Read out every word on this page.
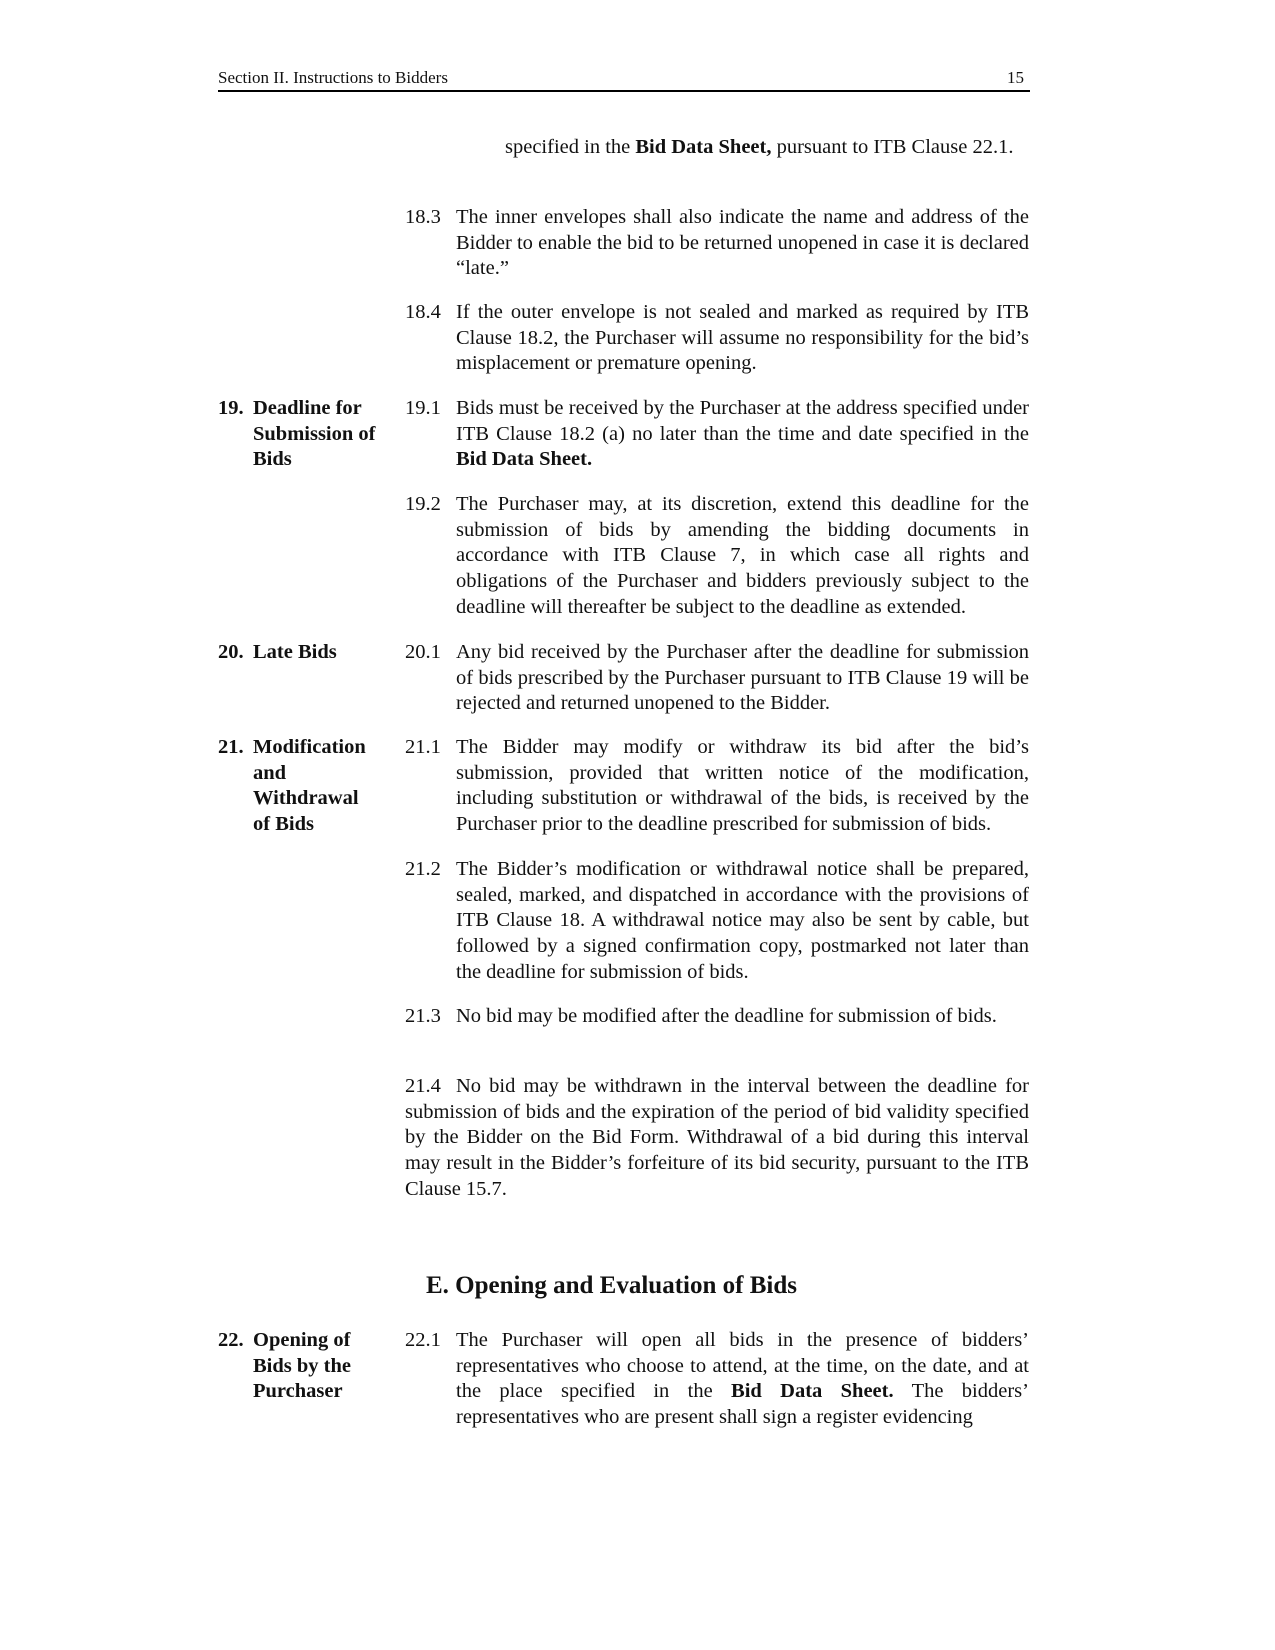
Section II. Instructions to Bidders	15
specified in the Bid Data Sheet, pursuant to ITB Clause 22.1.
18.3 The inner envelopes shall also indicate the name and address of the Bidder to enable the bid to be returned unopened in case it is declared “late.”
18.4 If the outer envelope is not sealed and marked as required by ITB Clause 18.2, the Purchaser will assume no responsibility for the bid’s misplacement or premature opening.
19. Deadline for Submission of Bids
19.1 Bids must be received by the Purchaser at the address specified under ITB Clause 18.2 (a) no later than the time and date specified in the Bid Data Sheet.
19.2 The Purchaser may, at its discretion, extend this deadline for the submission of bids by amending the bidding documents in accordance with ITB Clause 7, in which case all rights and obligations of the Purchaser and bidders previously subject to the deadline will thereafter be subject to the deadline as extended.
20. Late Bids	20.1 Any bid received by the Purchaser after the deadline for submission of bids prescribed by the Purchaser pursuant to ITB Clause 19 will be rejected and returned unopened to the Bidder.
21. Modification and Withdrawal of Bids
21.1 The Bidder may modify or withdraw its bid after the bid’s submission, provided that written notice of the modification, including substitution or withdrawal of the bids, is received by the Purchaser prior to the deadline prescribed for submission of bids.
21.2 The Bidder’s modification or withdrawal notice shall be prepared, sealed, marked, and dispatched in accordance with the provisions of ITB Clause 18. A withdrawal notice may also be sent by cable, but followed by a signed confirmation copy, postmarked not later than the deadline for submission of bids.
21.3 No bid may be modified after the deadline for submission of bids.
21.4 No bid may be withdrawn in the interval between the deadline for submission of bids and the expiration of the period of bid validity specified by the Bidder on the Bid Form. Withdrawal of a bid during this interval may result in the Bidder’s forfeiture of its bid security, pursuant to the ITB Clause 15.7.
E. Opening and Evaluation of Bids
22. Opening of Bids by the Purchaser
22.1 The Purchaser will open all bids in the presence of bidders’ representatives who choose to attend, at the time, on the date, and at the place specified in the Bid Data Sheet. The bidders’ representatives who are present shall sign a register evidencing
